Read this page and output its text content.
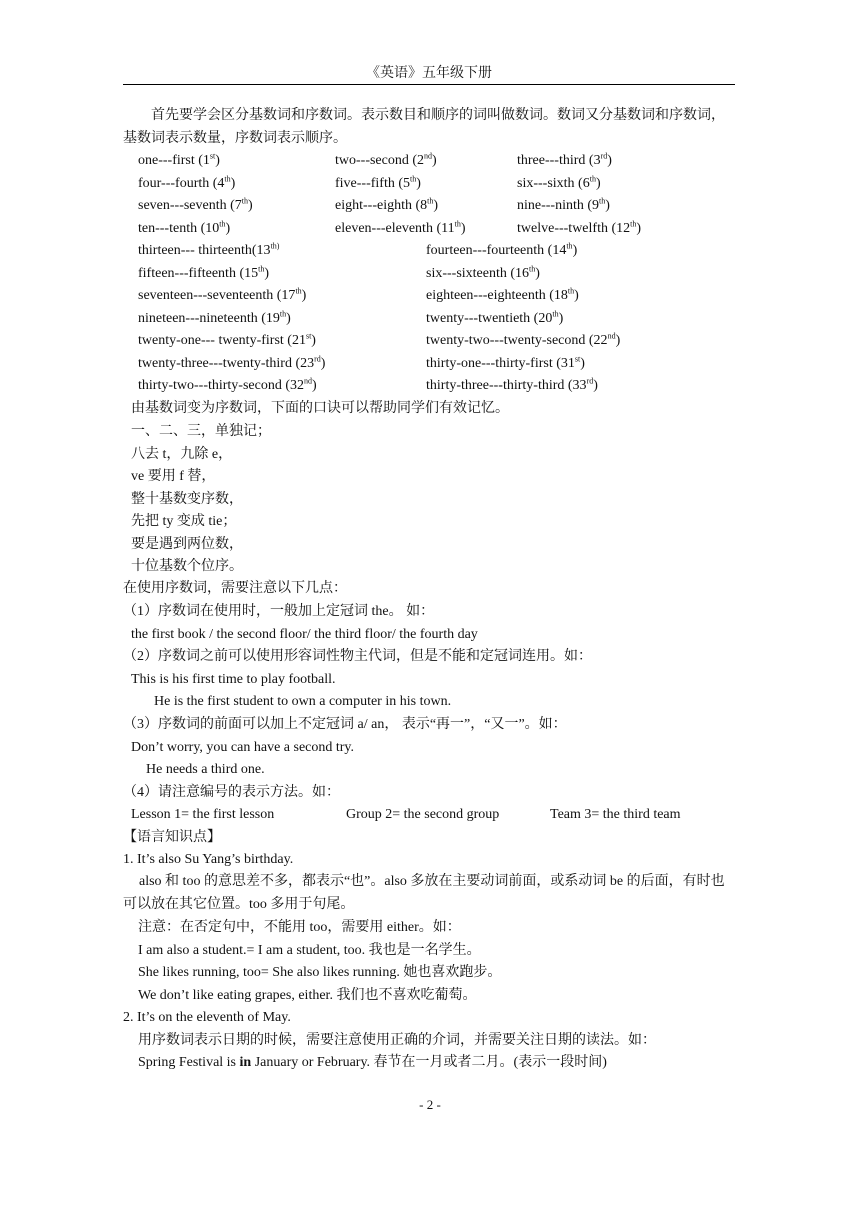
《英语》五年级下册
首先要学会区分基数词和序数词。表示数目和顺序的词叫做数词。数词又分基数词和序数词，基数词表示数量，序数词表示顺序。
one---first (1st)	two---second (2nd)	three---third (3rd)
four---fourth (4th)	five---fifth (5th)	six---sixth (6th)
seven---seventh (7th)	eight---eighth (8th)	nine---ninth (9th)
ten---tenth (10th)	eleven---eleventh (11th)	twelve---twelfth (12th)
thirteen--- $thirteenth(13^{th)}$	fourteen---fourteenth (14th)
fifteen---fifteenth (15th)	six---sixteenth (16th)
seventeen---seventeenth (17th)	eighteen---eighteenth (18th)
nineteen---nineteenth (19th)	twenty---twentieth (20th)
twenty-one--- twenty-first (21st)	twenty-two---twenty-second (22nd)
twenty-three---twenty-third (23rd)	thirty-one---thirty-first (31st)
thirty-two---thirty-second (32nd)	thirty-three---thirty-third (33rd)
由基数词变为序数词，下面的口诀可以帮助同学们有效记忆。
一、二、三，单独记；
八去 t，九除 e，
ve 要用 f 替，
整十基数变序数，
先把 ty 变成 tie；
要是遇到两位数，
十位基数个位序。
在使用序数词，需要注意以下几点：
（1）序数词在使用时，一般加上定冠词 the。 如：
the first book / the second floor/ the third floor/ the fourth day
（2）序数词之前可以使用形容词性物主代词，但是不能和定冠词连用。如：
This is his first time to play football.
He is the first student to own a computer in his town.
（3）序数词的前面可以加上不定冠词 a/ an， 表示“再一”，“又一”。如：
Don’t worry, you can have a second try.
He needs a third one.
（4）请注意编号的表示方法。如：
Lesson 1= the first lesson	Group 2= the second group	Team 3= the third team
【语言知识点】
1. It’s also Su Yang’s birthday.
also 和 too 的意思差不多，都表示“也”。also 多放在主要动词前面，或系动词 be 的后面，有时也可以放在其它位置。too 多用于句尾。
注意：在否定句中，不能用 too，需要用 either。如：
I am also a student.= I am a student, too. 我也是一名学生。
She likes running, too= She also likes running. 她也喜欢跑步。
We don’t like eating grapes, either. 我们也不喜欢吃葡萄。
2. It’s on the eleventh of May.
用序数词表示日期的时候，需要注意使用正确的介词，并需要关注日期的读法。如：
Spring Festival is in January or February. 春节在一月或者二月。(表示一段时间)
- 2 -
